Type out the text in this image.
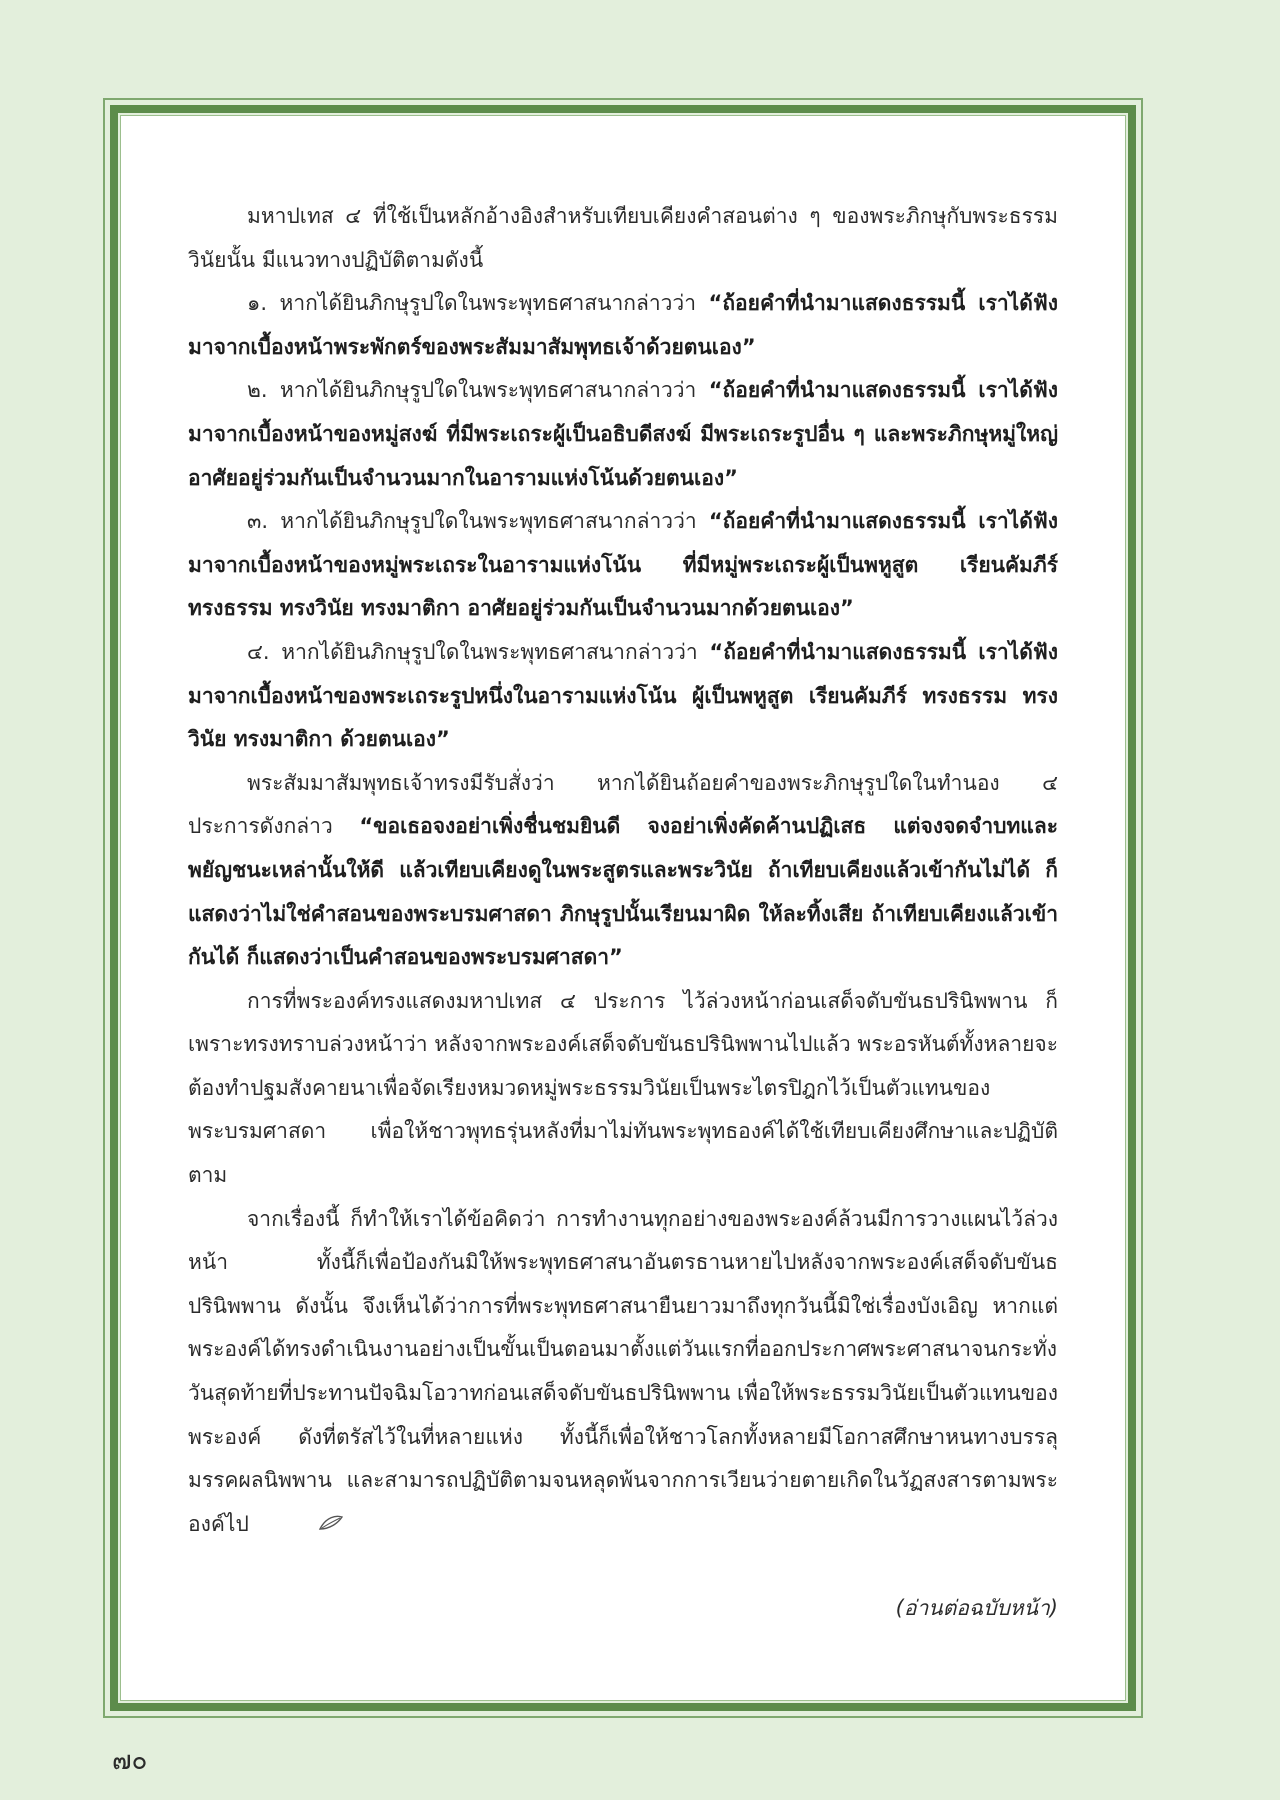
มหาปเทส ๔ ที่ใช้เป็นหลักอ้างอิงสำหรับเทียบเคียงคำสอนต่าง ๆ ของพระภิกษุกับพระธรรมวินัยนั้น มีแนวทางปฏิบัติตามดังนี้

๑. หากได้ยินภิกษุรูปใดในพระพุทธศาสนากล่าวว่า “ถ้อยคำที่นำมาแสดงธรรมนี้ เราได้ฟังมาจากเบื้องหน้าพระพักตร์ของพระสัมมาสัมพุทธเจ้าด้วยตนเอง”

๒. หากได้ยินภิกษุรูปใดในพระพุทธศาสนากล่าวว่า “ถ้อยคำที่นำมาแสดงธรรมนี้ เราได้ฟังมาจากเบื้องหน้าของหมู่สงฆ์ ที่มีพระเถระผู้เป็นอธิบดีสงฆ์ มีพระเถระรูปอื่น ๆ และพระภิกษุหมู่ใหญ่ อาศัยอยู่ร่วมกันเป็นจำนวนมากในอารามแห่งโน้นด้วยตนเอง”

๓. หากได้ยินภิกษุรูปใดในพระพุทธศาสนากล่าวว่า “ถ้อยคำที่นำมาแสดงธรรมนี้ เราได้ฟังมาจากเบื้องหน้าของหมู่พระเถระในอารามแห่งโน้น ที่มีหมู่พระเถระผู้เป็นพหูสูต เรียนคัมภีร์ ทรงธรรม ทรงวินัย ทรงมาติกา อาศัยอยู่ร่วมกันเป็นจำนวนมากด้วยตนเอง”

๔. หากได้ยินภิกษุรูปใดในพระพุทธศาสนากล่าวว่า “ถ้อยคำที่นำมาแสดงธรรมนี้ เราได้ฟังมาจากเบื้องหน้าของพระเถระรูปหนึ่งในอารามแห่งโน้น ผู้เป็นพหูสูต เรียนคัมภีร์ ทรงธรรม ทรงวินัย ทรงมาติกา ด้วยตนเอง”

พระสัมมาสัมพุทธเจ้าทรงมีรับสั่งว่า หากได้ยินถ้อยคำของพระภิกษุรูปใดในทำนอง ๔ ประการดังกล่าว “ขอเธอจงอย่าเพิ่งชื่นชมยินดี จงอย่าเพิ่งคัดค้านปฏิเสธ แต่จงจดจำบทและพยัญชนะเหล่านั้นให้ดี แล้วเทียบเคียงดูในพระสูตรและพระวินัย ถ้าเทียบเคียงแล้วเข้ากันไม่ได้ ก็แสดงว่าไม่ใช่คำสอนของพระบรมศาสดา ภิกษุรูปนั้นเรียนมาผิด ให้ละทิ้งเสีย ถ้าเทียบเคียงแล้วเข้ากันได้ ก็แสดงว่าเป็นคำสอนของพระบรมศาสดา”

การที่พระองค์ทรงแสดงมหาปเทส ๔ ประการ ไว้ล่วงหน้าก่อนเสด็จดับขันธปรินิพพาน ก็เพราะทรงทราบล่วงหน้าว่า หลังจากพระองค์เสด็จดับขันธปรินิพพานไปแล้ว พระอรหันต์ทั้งหลายจะต้องทำปฐมสังคายนาเพื่อจัดเรียงหมวดหมู่พระธรรมวินัยเป็นพระไตรปิฎกไว้เป็นตัวแทนของพระบรมศาสดา เพื่อให้ชาวพุทธรุ่นหลังที่มาไม่ทันพระพุทธองค์ได้ใช้เทียบเคียงศึกษาและปฏิบัติตาม

จากเรื่องนี้ ก็ทำให้เราได้ข้อคิดว่า การทำงานทุกอย่างของพระองค์ล้วนมีการวางแผนไว้ล่วงหน้า ทั้งนี้ก็เพื่อป้องกันมิให้พระพุทธศาสนาอันตรธานหายไปหลังจากพระองค์เสด็จดับขันธปรินิพพาน ดังนั้น จึงเห็นได้ว่าการที่พระพุทธศาสนายืนยาวมาถึงทุกวันนี้มิใช่เรื่องบังเอิญ หากแต่พระองค์ได้ทรงดำเนินงานอย่างเป็นขั้นเป็นตอนมาตั้งแต่วันแรกที่ออกประกาศพระศาสนาจนกระทั่งวันสุดท้ายที่ประทานปัจฉิมโอวาทก่อนเสด็จดับขันธปรินิพพาน เพื่อให้พระธรรมวินัยเป็นตัวแทนของพระองค์ ดังที่ตรัสไว้ในที่หลายแห่ง ทั้งนี้ก็เพื่อให้ชาวโลกทั้งหลายมีโอกาสศึกษาหนทางบรรลุมรรคผลนิพพาน และสามารถปฏิบัติตามจนหลุดพ้นจากการเวียนว่ายตายเกิดในวัฏสงสารตามพระองค์ไป

(อ่านต่อฉบับหน้า)
๗๐
